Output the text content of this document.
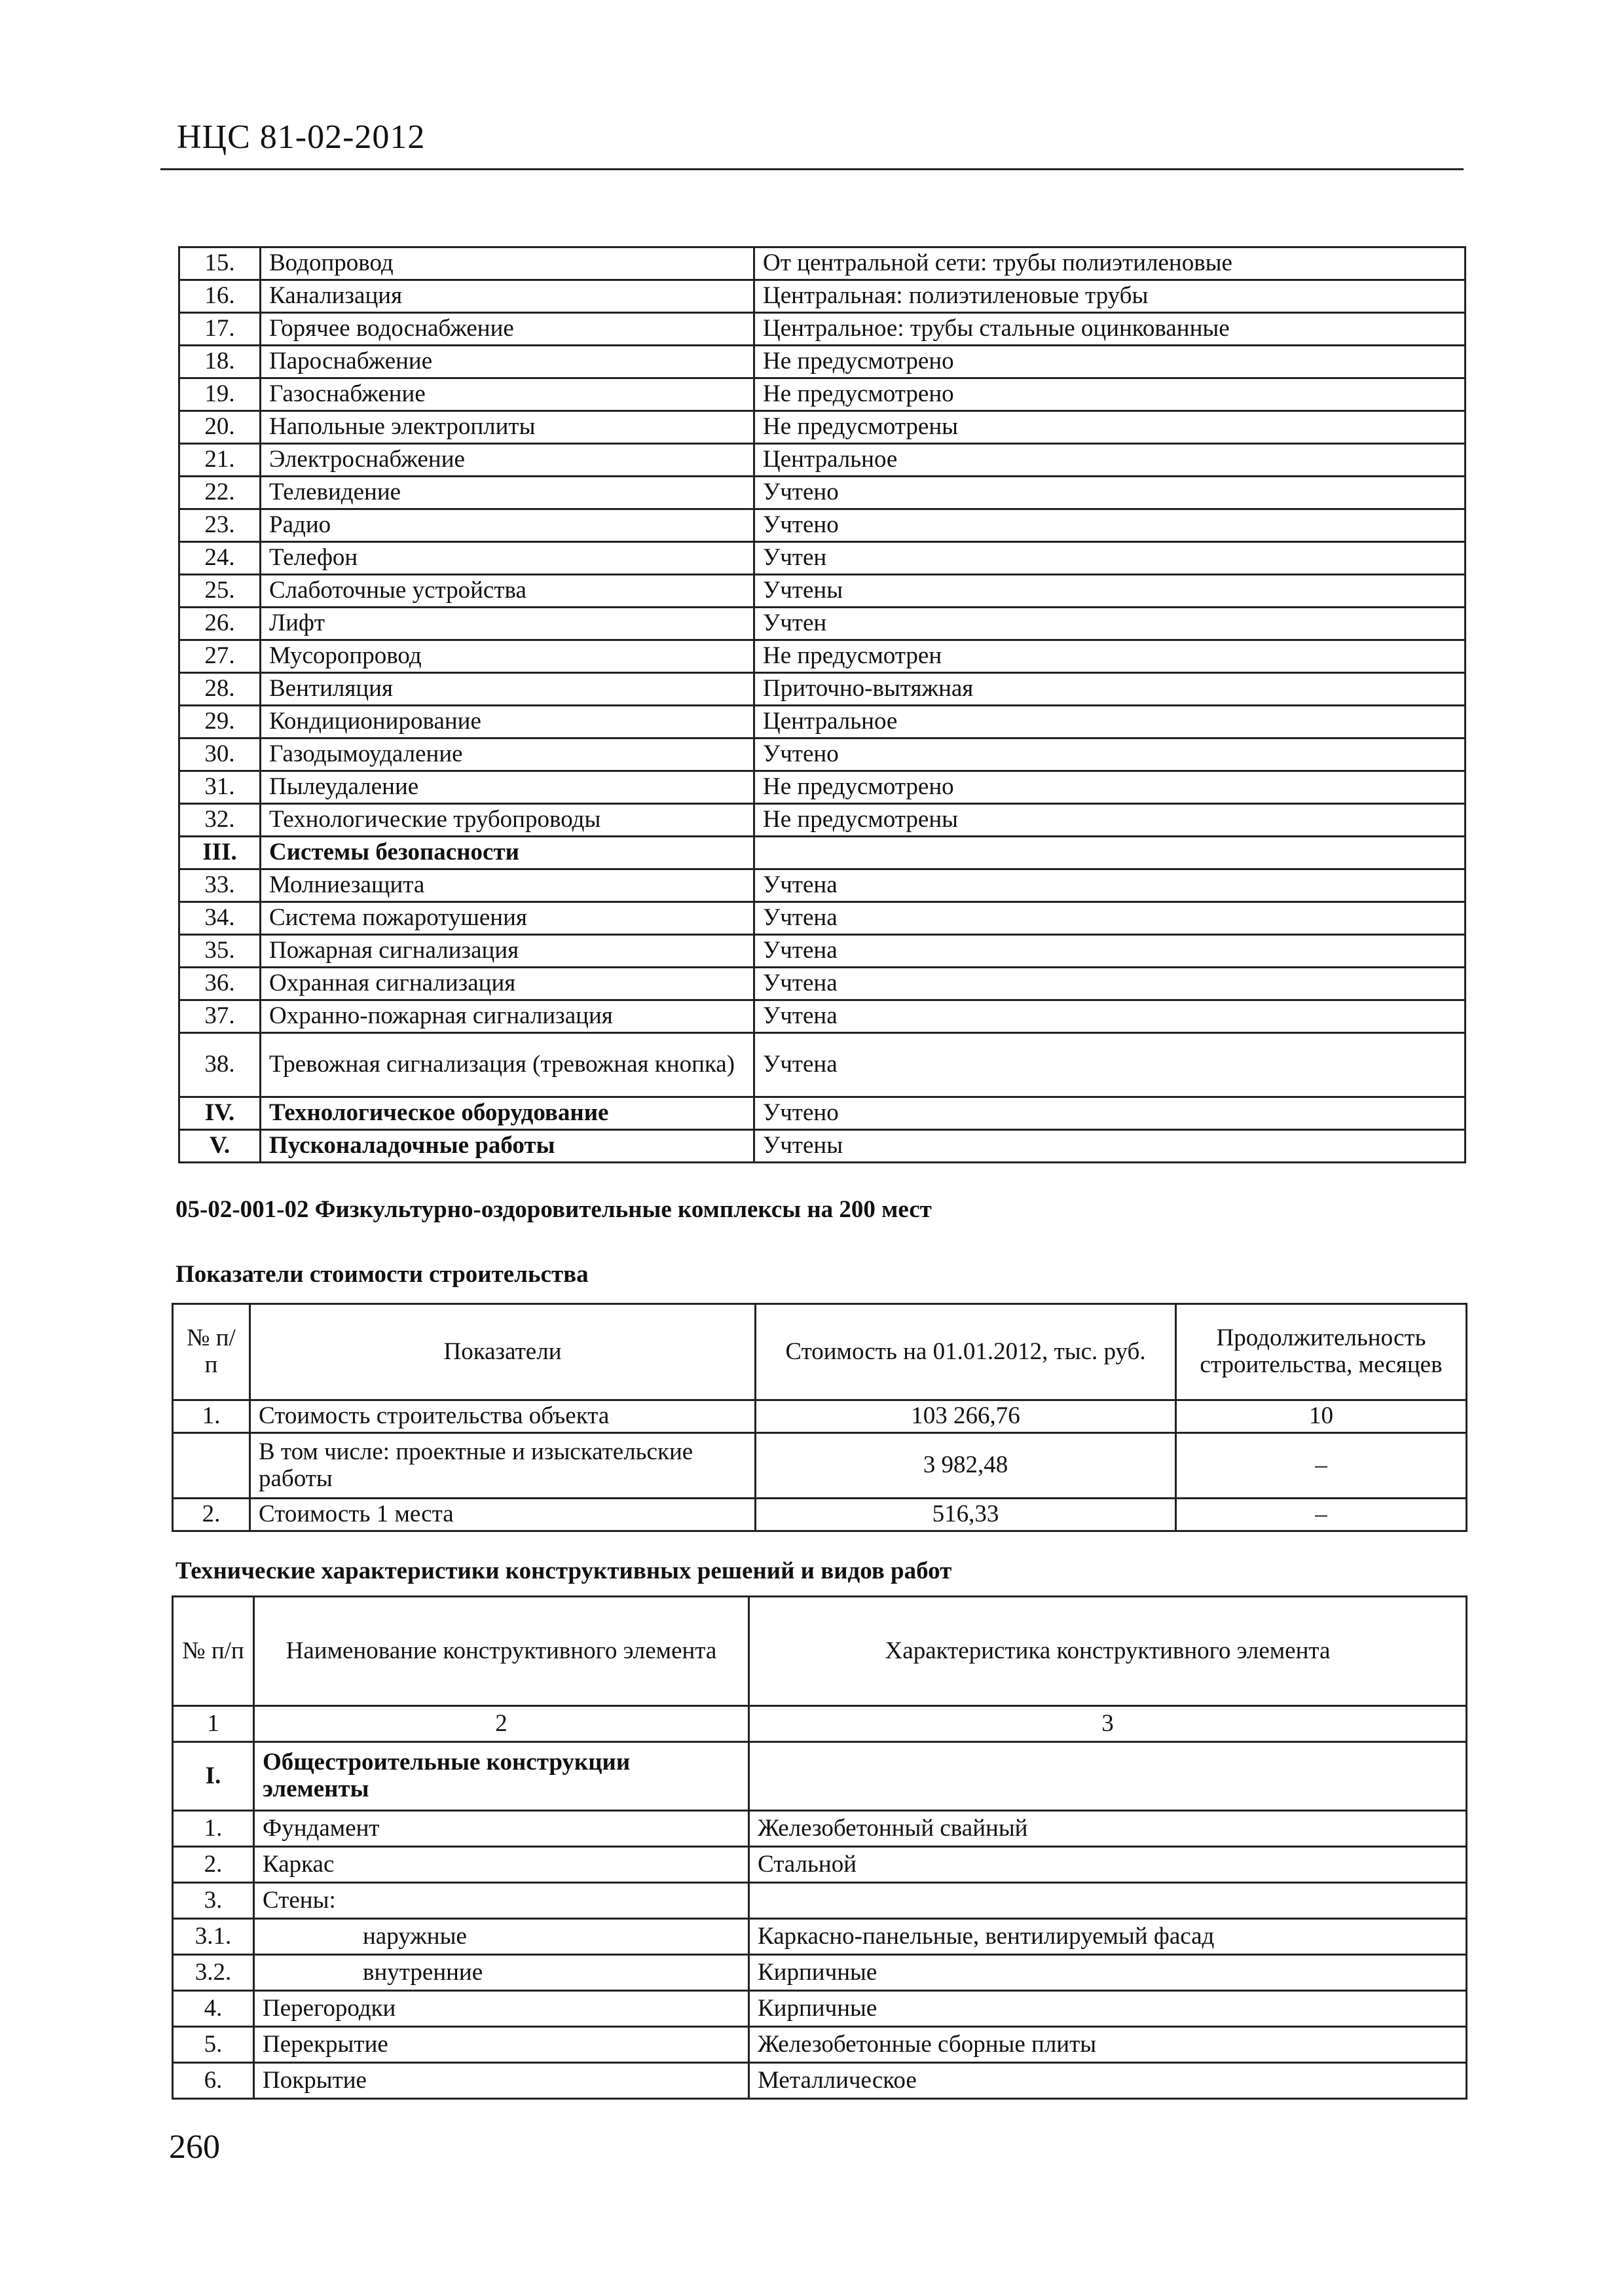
НЦС 81-02-2012
15.	Водопровод	От центральной сети: трубы полиэтиленовые
16.	Канализация	Центральная: полиэтиленовые трубы
17.	Горячее водоснабжение	Центральное: трубы стальные оцинкованные
18.	Пароснабжение	Не предусмотрено
19.	Газоснабжение	Не предусмотрено
20.	Напольные электроплиты	Не предусмотрены
21.	Электроснабжение	Центральное
22.	Телевидение	Учтено
23.	Радио	Учтено
24.	Телефон	Учтен
25.	Слаботочные устройства	Учтены
26.	Лифт	Учтен
27.	Мусоропровод	Не предусмотрен
28.	Вентиляция	Приточно-вытяжная
29.	Кондиционирование	Центральное
30.	Газодымоудаление	Учтено
31.	Пылеудаление	Не предусмотрено
32.	Технологические трубопроводы	Не предусмотрены
III.	Системы безопасности	
33.	Молниезащита	Учтена
34.	Система пожаротушения	Учтена
35.	Пожарная сигнализация	Учтена
36.	Охранная сигнализация	Учтена
37.	Охранно-пожарная сигнализация	Учтена
38.	Тревожная сигнализация (тревожная кнопка)	Учтена
IV.	Технологическое оборудование	Учтено
V.	Пусконаладочные работы	Учтены
05-02-001-02 Физкультурно-оздоровительные комплексы на 200 мест
Показатели стоимости строительства
№ п/п	Показатели	Стоимость на 01.01.2012, тыс. руб.	Продолжительность строительства, месяцев
1.	Стоимость строительства объекта	103 266,76	10
	В том числе: проектные и изыскательские работы	3 982,48	–
2.	Стоимость 1 места	516,33	–
Технические характеристики конструктивных решений и видов работ
№ п/п	Наименование конструктивного элемента	Характеристика конструктивного элемента
1	2	3
I.	Общестроительные конструкции элементы	
1.	Фундамент	Железобетонный свайный
2.	Каркас	Стальной
3.	Стены:	
3.1.	наружные	Каркасно-панельные, вентилируемый фасад
3.2.	внутренние	Кирпичные
4.	Перегородки	Кирпичные
5.	Перекрытие	Железобетонные сборные плиты
6.	Покрытие	Металлическое
260
